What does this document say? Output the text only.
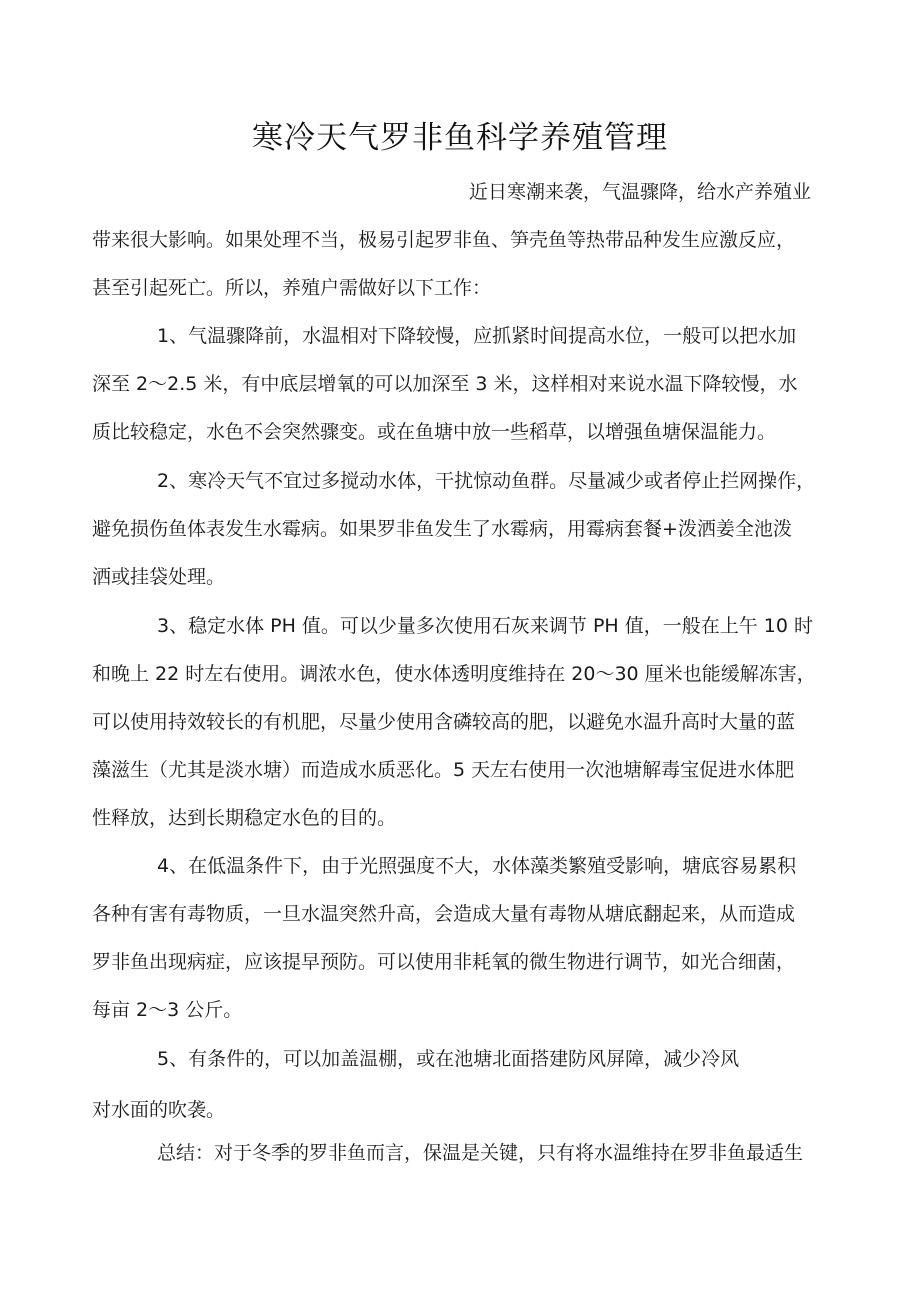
寒冷天气罗非鱼科学养殖管理
近日寒潮来袭，气温骤降，给水产养殖业
带来很大影响。如果处理不当，极易引起罗非鱼、笋壳鱼等热带品种发生应激反应，
甚至引起死亡。所以，养殖户需做好以下工作：
1、气温骤降前，水温相对下降较慢，应抓紧时间提高水位，一般可以把水加
深至 2～2.5 米，有中底层增氧的可以加深至 3 米，这样相对来说水温下降较慢，水
质比较稳定，水色不会突然骤变。或在鱼塘中放一些稻草，以增强鱼塘保温能力。
2、寒冷天气不宜过多搅动水体，干扰惊动鱼群。尽量减少或者停止拦网操作，
避免损伤鱼体表发生水霉病。如果罗非鱼发生了水霉病，用霉病套餐+泼洒姜全池泼
洒或挂袋处理。
3、稳定水体 PH 值。可以少量多次使用石灰来调节 PH 值，一般在上午 10 时
和晚上 22 时左右使用。调浓水色，使水体透明度维持在 20～30 厘米也能缓解冻害，
可以使用持效较长的有机肥，尽量少使用含磷较高的肥，以避免水温升高时大量的蓝
藻滋生（尤其是淡水塘）而造成水质恶化。5 天左右使用一次池塘解毒宝促进水体肥
性释放，达到长期稳定水色的目的。
4、在低温条件下，由于光照强度不大，水体藻类繁殖受影响，塘底容易累积
各种有害有毒物质，一旦水温突然升高，会造成大量有毒物从塘底翻起来，从而造成
罗非鱼出现病症，应该提早预防。可以使用非耗氧的微生物进行调节，如光合细菌，
每亩 2～3 公斤。
5、有条件的，可以加盖温棚，或在池塘北面搭建防风屏障，减少冷风
对水面的吹袭。
总结：对于冬季的罗非鱼而言，保温是关键，只有将水温维持在罗非鱼最适生
